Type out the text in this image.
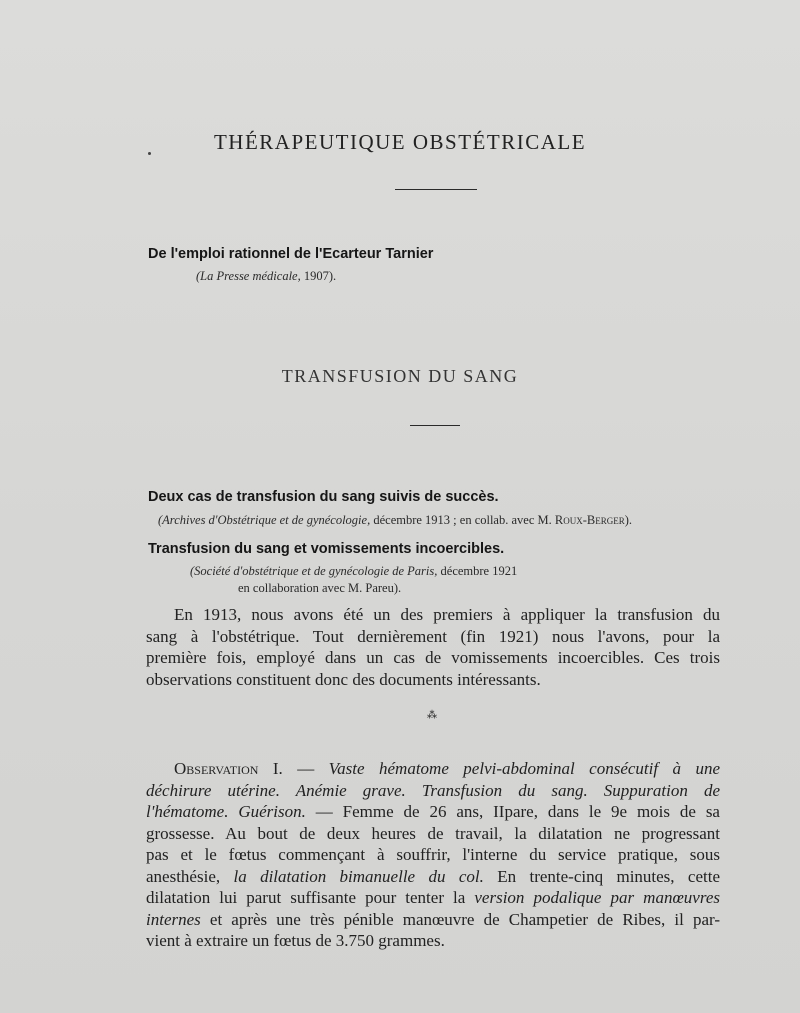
THÉRAPEUTIQUE OBSTÉTRICALE
De l'emploi rationnel de l'Ecarteur Tarnier
(La Presse médicale, 1907).
TRANSFUSION DU SANG
Deux cas de transfusion du sang suivis de succès.
(Archives d'Obstétrique et de gynécologie, décembre 1913 ; en collab. avec M. Roux-Berger).
Transfusion du sang et vomissements incoercibles.
(Société d'obstétrique et de gynécologie de Paris, décembre 1921
en collaboration avec M. Pareu).
En 1913, nous avons été un des premiers à appliquer la transfusion du
sang à l'obstétrique. Tout dernièrement (fin 1921) nous l'avons, pour la
première fois, employé dans un cas de vomissements incoercibles. Ces trois
observations constituent donc des documents intéressants.
⁂
Observation I. — Vaste hématome pelvi-abdominal consécutif à une
déchirure utérine. Anémie grave. Transfusion du sang. Suppuration de
l'hématome. Guérison. — Femme de 26 ans, IIpare, dans le 9e mois de sa
grossesse. Au bout de deux heures de travail, la dilatation ne progressant
pas et le fœtus commençant à souffrir, l'interne du service pratique, sous
anesthésie, la dilatation bimanuelle du col. En trente-cinq minutes, cette
dilatation lui parut suffisante pour tenter la version podalique par manœuvres
internes et après une très pénible manœuvre de Champetier de Ribes, il par-
vient à extraire un fœtus de 3.750 grammes.
